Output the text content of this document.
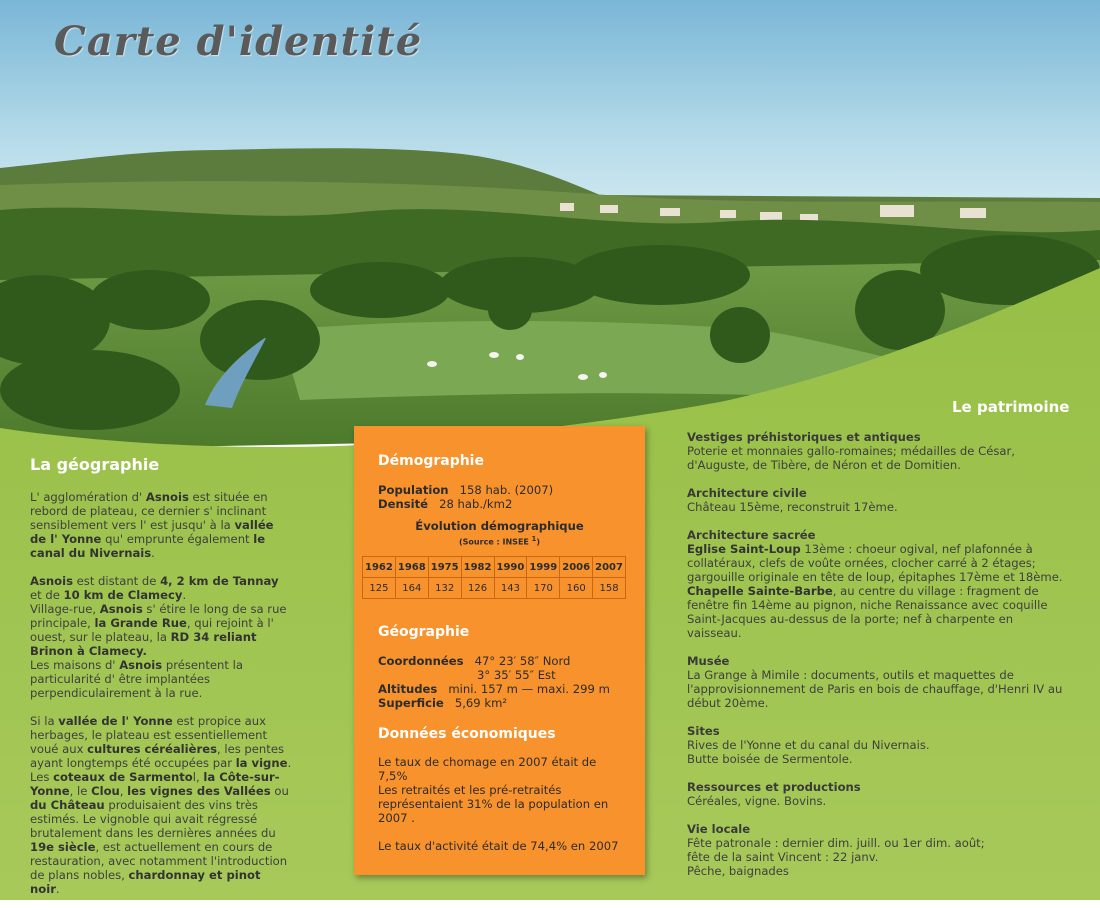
Carte d'identité
La géographie

L' agglomération d' Asnois est située en rebord de plateau, ce dernier s' inclinant sensiblement vers l' est jusqu' à la vallée de l' Yonne qu' emprunte également le canal du Nivernais.

Asnois est distant de 4, 2 km de Tannay et de 10 km de Clamecy.
Village-rue, Asnois s' étire le long de sa rue principale, la Grande Rue, qui rejoint à l' ouest, sur le plateau, la RD 34 reliant Brinon à Clamecy.
Les maisons d' Asnois présentent la particularité d' être implantées perpendiculairement à la rue.

Si la vallée de l' Yonne est propice aux herbages, le plateau est essentiellement voué aux cultures céréalières, les pentes ayant longtemps été occupées par la vigne. Les coteaux de Sarmentol, la Côte-sur-Yonne, le Clou, les vignes des Vallées ou du Château produisaient des vins très estimés. Le vignoble qui avait régressé brutalement dans les dernières années du 19e siècle, est actuellement en cours de restauration, avec notamment l'introduction de plans nobles, chardonnay et pinot noir.

Démographie
Population 158 hab. (2007)
Densité 28 hab./km2
Évolution démographique
(Source : INSEE $^1$)
1962	1968	1975	1982	1990	1999	2006	2007
125	164	132	126	143	170	160	158
Géographie
Coordonnées 47° 23′ 58″ Nord
3° 35′ 55″ Est
Altitudes mini. 157 m — maxi. 299 m
Superficie 5,69 km²
Données économiques

Le taux de chomage en 2007 était de 7,5%

Les retraités et les pré-retraités représentaient 31% de la population en 2007 .

Le taux d'activité était de 74,4% en 2007

Le patrimoine
Vestiges préhistoriques et antiques
Poterie et monnaies gallo-romaines; médailles de César, d'Auguste, de Tibère, de Néron et de Domitien.
Architecture civile
Château 15ème, reconstruit 17ème.
Architecture sacrée
Eglise Saint-Loup 13ème : choeur ogival, nef plafonnée à collatéraux, clefs de voûte ornées, clocher carré à 2 étages; gargouille originale en tête de loup, épitaphes 17ème et 18ème.
Chapelle Sainte-Barbe, au centre du village : fragment de fenêtre fin 14ème au pignon, niche Renaissance avec coquille Saint-Jacques au-dessus de la porte; nef à charpente en vaisseau.
Musée
La Grange à Mimile : documents, outils et maquettes de l'approvisionnement de Paris en bois de chauffage, d'Henri IV au début 20ème.
Sites
Rives de l'Yonne et du canal du Nivernais.
Butte boisée de Sermentole.
Ressources et productions
Céréales, vigne. Bovins.
Vie locale
Fête patronale : dernier dim. juill. ou 1er dim. août;
fête de la saint Vincent : 22 janv.
Pêche, baignades
